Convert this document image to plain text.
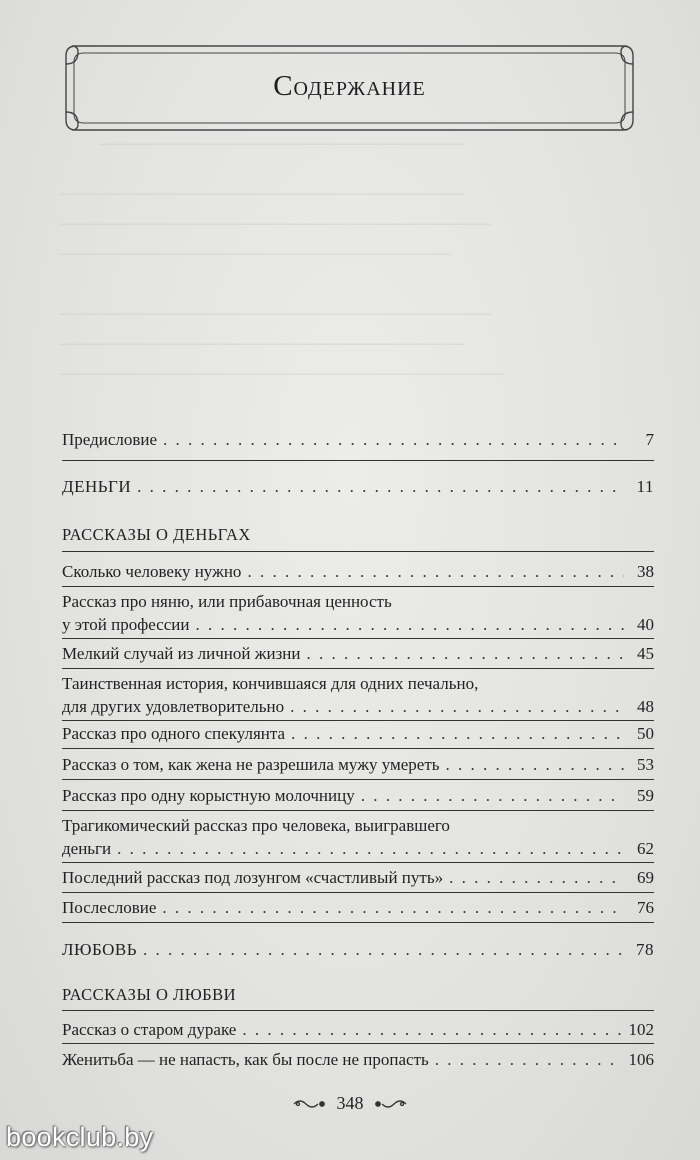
───────────────────────────
──────────────────────────────
────────────────────────────────
─────────────────────────────
────────────────────────────────
──────────────────────────────
─────────────────────────────────
Содержание
Предисловие . . .	7
ДЕНЬГИ . . .	11
РАССКАЗЫ О ДЕНЬГАХ
Сколько человеку нужно . . .	38
Рассказ про няню, или прибавочная ценность
у этой профессии . . .	40
Мелкий случай из личной жизни . . .	45
Таинственная история, кончившаяся для одних печально,
для других удовлетворительно . . .	48
Рассказ про одного спекулянта . . .	50
Рассказ о том, как жена не разрешила мужу умереть . . .	53
Рассказ про одну корыстную молочницу . . .	59
Трагикомический рассказ про человека, выигравшего
деньги . . .	62
Последний рассказ под лозунгом «счастливый путь» . . .	69
Послесловие . . .	76
ЛЮБОВЬ . . .	78
РАССКАЗЫ О ЛЮБВИ
Рассказ о старом дураке . . .	102
Женитьба — не напасть, как бы после не пропасть . . .	106
348
bookclub.by
